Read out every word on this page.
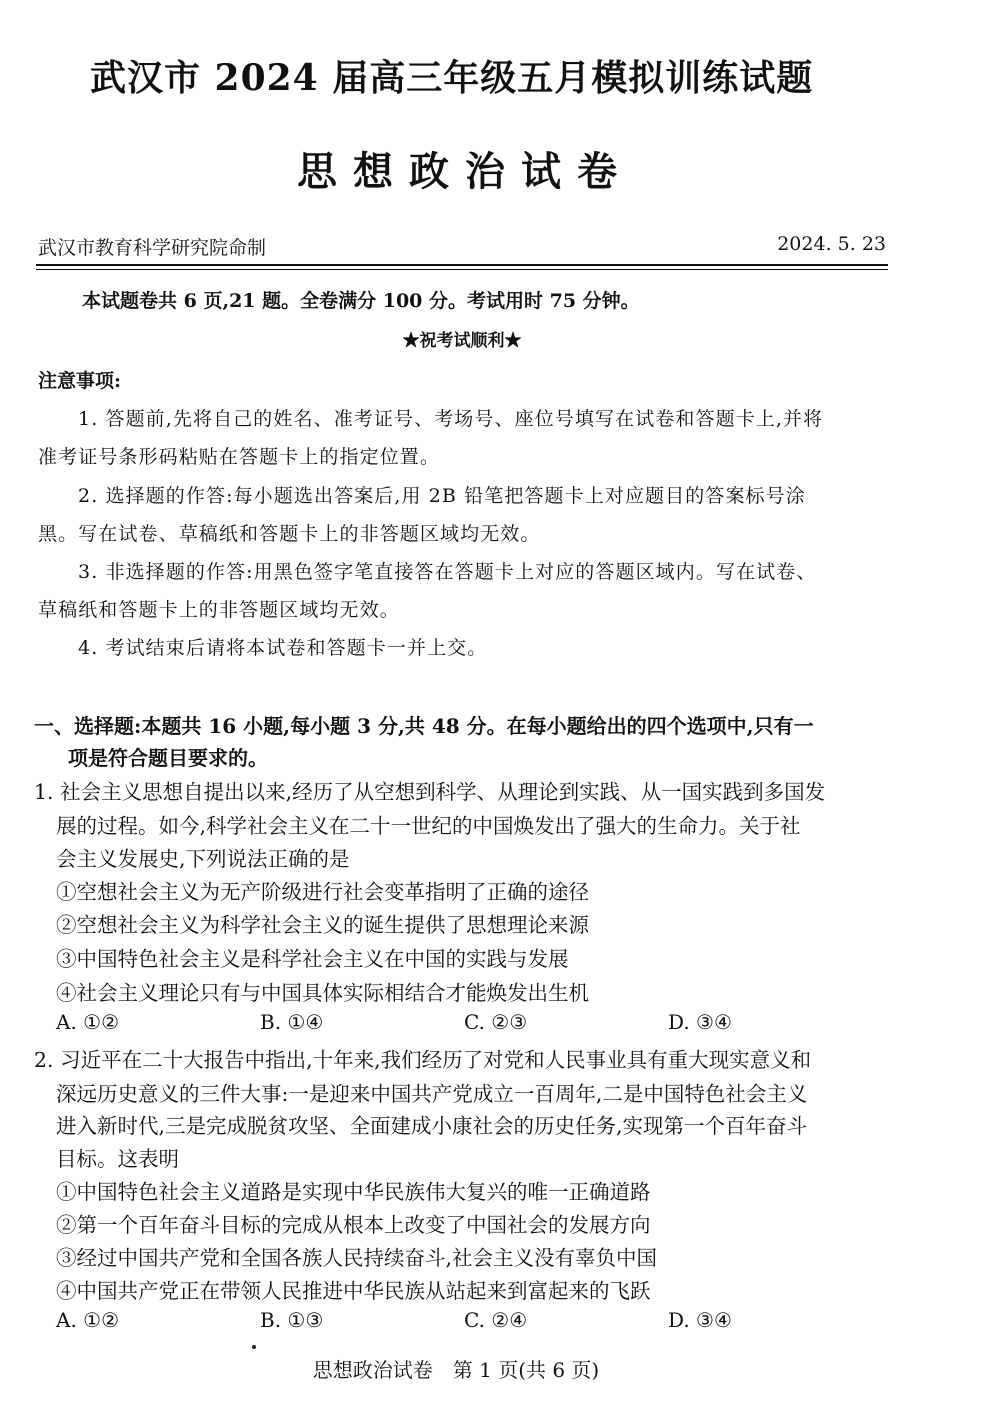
武汉市 2024 届高三年级五月模拟训练试题
思想政治试卷
武汉市教育科学研究院命制	2024. 5. 23
本试题卷共 6 页,21 题。全卷满分 100 分。考试用时 75 分钟。
★祝考试顺利★
注意事项:
1. 答题前,先将自己的姓名、准考证号、考场号、座位号填写在试卷和答题卡上,并将
准考证号条形码粘贴在答题卡上的指定位置。
2. 选择题的作答:每小题选出答案后,用 2B 铅笔把答题卡上对应题目的答案标号涂
黑。写在试卷、草稿纸和答题卡上的非答题区域均无效。
3. 非选择题的作答:用黑色签字笔直接答在答题卡上对应的答题区域内。写在试卷、
草稿纸和答题卡上的非答题区域均无效。
4. 考试结束后请将本试卷和答题卡一并上交。
一、选择题:本题共 16 小题,每小题 3 分,共 48 分。在每小题给出的四个选项中,只有一
项是符合题目要求的。
1. 社会主义思想自提出以来,经历了从空想到科学、从理论到实践、从一国实践到多国发
展的过程。如今,科学社会主义在二十一世纪的中国焕发出了强大的生命力。关于社
会主义发展史,下列说法正确的是
①空想社会主义为无产阶级进行社会变革指明了正确的途径
②空想社会主义为科学社会主义的诞生提供了思想理论来源
③中国特色社会主义是科学社会主义在中国的实践与发展
④社会主义理论只有与中国具体实际相结合才能焕发出生机
A. ①②	B. ①④	C. ②③	D. ③④
2. 习近平在二十大报告中指出,十年来,我们经历了对党和人民事业具有重大现实意义和
深远历史意义的三件大事:一是迎来中国共产党成立一百周年,二是中国特色社会主义
进入新时代,三是完成脱贫攻坚、全面建成小康社会的历史任务,实现第一个百年奋斗
目标。这表明
①中国特色社会主义道路是实现中华民族伟大复兴的唯一正确道路
②第一个百年奋斗目标的完成从根本上改变了中国社会的发展方向
③经过中国共产党和全国各族人民持续奋斗,社会主义没有辜负中国
④中国共产党正在带领人民推进中华民族从站起来到富起来的飞跃
A. ①②	B. ①③	C. ②④	D. ③④
思想政治试卷　第 1 页(共 6 页)
